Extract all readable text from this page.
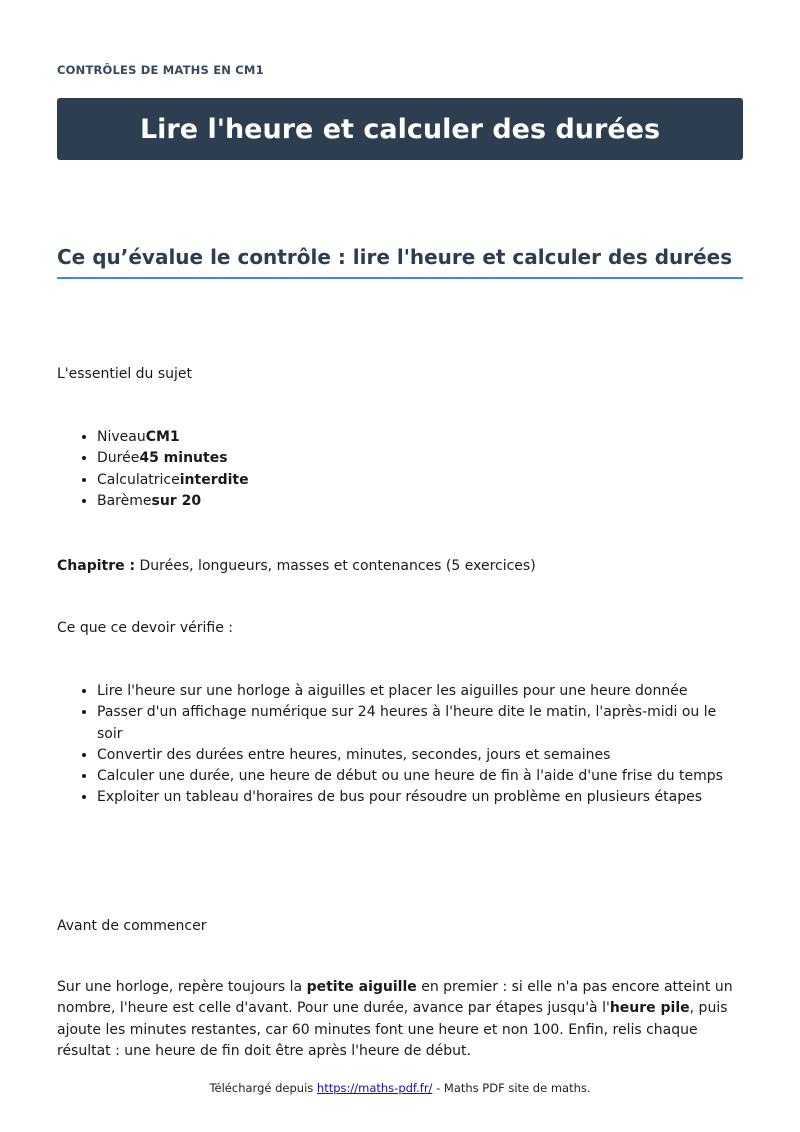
CONTRÔLES DE MATHS EN CM1
Lire l'heure et calculer des durées
Ce qu’évalue le contrôle : lire l'heure et calculer des durées

L'essentiel du sujet

• NiveauCM1
• Durée45 minutes
• Calculatriceinterdite
• Barèmesur 20

Chapitre : Durées, longueurs, masses et contenances (5 exercices)

Ce que ce devoir vérifie :

• Lire l'heure sur une horloge à aiguilles et placer les aiguilles pour une heure donnée
• Passer d'un affichage numérique sur 24 heures à l'heure dite le matin, l'après-midi ou le soir
• Convertir des durées entre heures, minutes, secondes, jours et semaines
• Calculer une durée, une heure de début ou une heure de fin à l'aide d'une frise du temps
• Exploiter un tableau d'horaires de bus pour résoudre un problème en plusieurs étapes

Avant de commencer

Sur une horloge, repère toujours la petite aiguille en premier : si elle n'a pas encore atteint un nombre, l'heure est celle d'avant. Pour une durée, avance par étapes jusqu'à l'heure pile, puis ajoute les minutes restantes, car 60 minutes font une heure et non 100. Enfin, relis chaque résultat : une heure de fin doit être après l'heure de début.

Téléchargé depuis https://maths-pdf.fr/ - Maths PDF site de maths.
